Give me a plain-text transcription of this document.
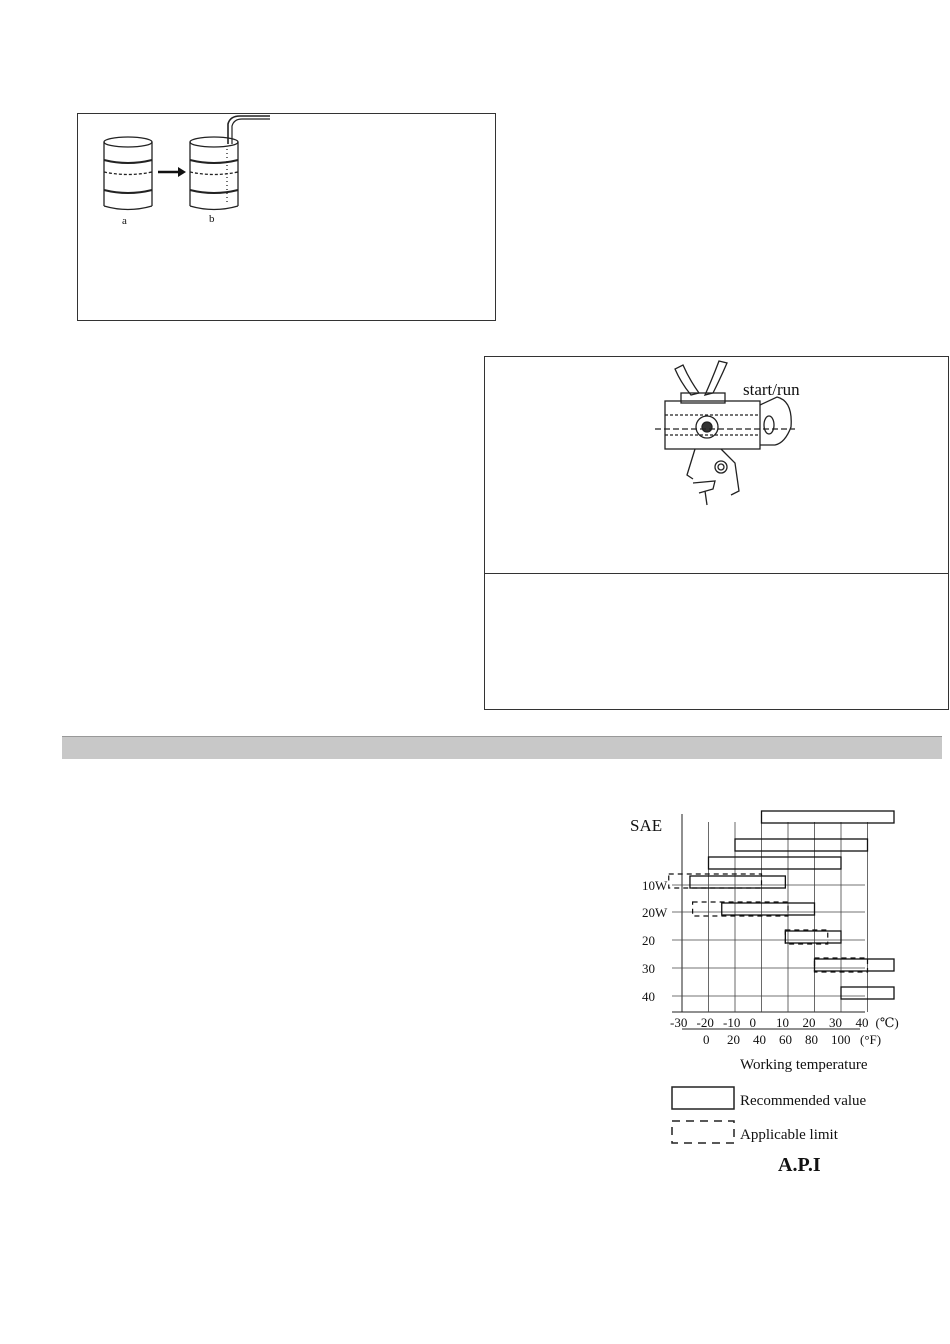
a	b
start/run
SAE
10W
20W
20
30
40
-30 -20 -10 0 10 20 30 40 (℃)
0 20 40 60 80 100 (°F)
Working temperature
Recommended value
Applicable limit
A.P.I
